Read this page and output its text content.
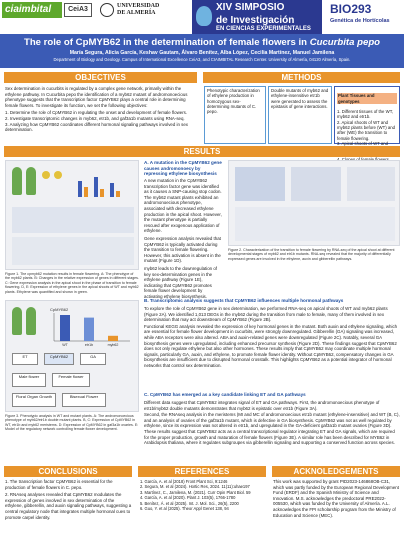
ciaimbital	CeiA3	UNIVERSIDAD
DE ALMERÍA	XIV SIMPOSIO
de Investigación
EN CIENCIAS EXPERIMENTALES
BIO293
Genética de Hortícolas
The role of CpMYB62 in the determination of female flowers in Cucurbita pepo
María Segura, Alicia García, Keshav Gautam, Álvaro Benítez, Alba López, Cecilia Martínez, Manuel Jamilena
Department of Biology and Geology. Campus of International Excellence CeiA3, and CIAIMBITAL Research Center. University of Almería, 04120 Almería, Spain.
OBJECTIVES

Sex determination in cucurbits is regulated by a complex gene network, primarily within the ethylene pathway. In Cucurbita pepo the identification of a myb62 mutant of andromonoecious phenotype suggests that the transcription factor CpMYB62 plays a central role in determining female flowers. To investigate its function, we set the following objectives:

1. Determine the role of CpMYB62 in regulating the onset and development of female flowers.

2. Investigate transcriptomic changes in myb62, etr1b, and gaf3a1b mutants using RNA-seq.

3. Analyzing how CpMYB62 coordinates different hormonal signaling pathways involved in sex determination.

METHODS
Phenotypic characterization of ethylene production in homozygous sex-determining mutants of C. pepo.
Double mutants of myb62 and ethylene-insensitive etr1b were generated to assess the epistasis of gene interactions.

Plant Tissues and genotypes

1. Different tissues of the WT, myb62 and etr1b.
2. Apical shoots of WT and myb62 plants before (WT) and after (WE) the transition to female flowering.
3. Apical shoots of WT and

RESULTS
Figure 1. The cpmyb62 mutation results in female flowering. A: The phenotype of the myb62 plants. B: Changes in the relative expression of genes in different stages. C: Gene expression analysis in the apical shoot in the phase of transition to female flowering. D, E: Expression of ethylene genes in the apical shoots of WT and myb62 plants. Ethylene was quantified and shown in green.
A. A mutation in the CpMYB62 gene causes andromonoecy by repressing ethylene biosynthesis

A new mutation in the CpMYB62 transcription factor gene was identified as it causes a SNP-causing stop codon. The myb62 mutant plants exhibited an andromonoecious phenotype, associated with decreased ethylene production in the apical shoot. However, the mutant phenotype is partially rescued after exogenous application of ethylene.

Gene expression analysis revealed that CpMYB62 is typically activated during the transition to female flowering. However, this activation is absent in the mutant (Figure 1D).

myb62 leads to the downregulation of key sex-determination genes in the ethylene pathway (Figure 1E), indicating that CpMYB62 promotes female flower development by activating ethylene biosynthesis.

Figure 2. Characterization of the transition to female flowering by RNA-seq of the apical shoot at different developmental stages of myb62 and etr1b mutants. RNA-seq revealed that the majority of differentially expressed genes are involved in the ethylene, auxin and gibberellin pathways.
B. Transcriptomic analysis suggests that CpMYB62 influences multiple hormonal pathways

To explore the role of CpMYB62 gene in sex determination, we performed RNA-seq on apical shoots of WT and myb62 plants (Figure 2A). We identified 1,013 DEGs in the myb62 during the transition from male to female, many of them involved in sex determination that may act downstream of CpMYB62 (Figure 2B).

Functional KEGG analysis revealed the expression of key hormonal genes in the mutant. Both auxin and ethylene signaling, which are essential for female flower development in cucurbits, were strongly downregulated. Gibberellin (GA) signaling was increased, while ABA receptors were also altered. ABA and auxin-related genes were downregulated (Figure 2C). Notably, several GA biosynthesis genes were upregulated, including enhanced precursor synthesis (Figure 2D). These findings suggest that CpMYB62 does not only regulate ethylene but also other hormones. These results imply that CpMYB62 may coordinate multiple hormonal signals, particularly GA, auxin, and ethylene, to promote female flower identity. Without CpMYB62, compensatory changes in GA biosynthesis are insufficient due to disrupted hormonal crosstalk. This highlights CpMYB62 as a potential integrator of hormonal networks that control sex determination.

CpMYB62
WT	etr1b	myb62
ET	CpMYB62	GA
Male flower	Female flower
Floral Organ Growth	Bisexual Flower
Figure 3. Phenotypic analysis in WT and mutant plants. A: The andromonoecious phenotype of myb62/etr1b double mutant plants. B, C: Expression of CpMYB62 in WT, etr1b and myb62 meristems. D: Expression of CpMYB62 in gaf3a1b ovaries. E: Model of the regulatory network controlling female flower development.
C. CpMYB62 has emerged as a key candidate linking ET and GA pathways

Different data suggest that CpMYB62 integrates signal of ET and GA pathways. First, the andromonoecious phenotype of etr1b/myb62 double mutants demonstrates that myb62 is epistatic over etr1b (Figure 3A).

Second, the RNAseq analysis in the meristems (MI and MC of andromonoecious etr1b mutant (ethylene-insensitive) and WT (B, C), and an analysis of ovaries of the gaf3a1b mutant, which is defective in GA biosynthesis. CpMYB62 was not as well regulated by ethylene, since its expression was not altered in etr1b, and upregulated in the GA-deficient gaf3a1b mutant ovaries (Figure 3D). These results suggest that CpMYB62 acts as a central transcriptional regulator integrating ET and GA signals, which are required for the proper production, growth and maturation of female flowers (Figure 3E). A similar role has been described for MYB62 in Arabidopsis thaliana, where it regulates subgroupes via gibberellin signaling and supporting a conserved function across species.

CONCLUSIONS

1. The transcription factor CpMYB62 is essential for the production of female flowers in C. pepo.

2. RNAseq analyses revealed that CpMYB62 modulates the expression of genes involved in sex determination of the ethylene, gibberellin, and auxin signaling pathways, suggesting a central regulatory node that integrates multiple hormonal cues to promote carpel identity.

REFERENCES

1. García, A. et al (2018) Front Plant Sci, 9:1246

2. Segura, M. et al (2024). Hortic Res, 2024. 11(11):uhae197

3. Martínez, C., Jamilena, M. (2021). Curr Opin Plant Biol. 59

4. García, A. et al (2020). Plant J. 103(5), 1766-1780

5. Benítez, Á. et al (2025). Int. J. Mol. Sci., 26(5), 2200

6. Guo, Y. et al (2025). Theor Appl Genet 138, 94

ACKNOLEDGEMENTS
This work was supported by grant PID2023-146868OB-C31, which was partly funded by the European Regional Development Fund (ERDF) and the Spanish Ministry of Science and Innovation. M.S. acknowledges the predoctoral PRE2022-005530, which was funded by the University of Almería. A.L. acknowledges the FPI scholarship program from the Ministry of Education and Science (MEC).
